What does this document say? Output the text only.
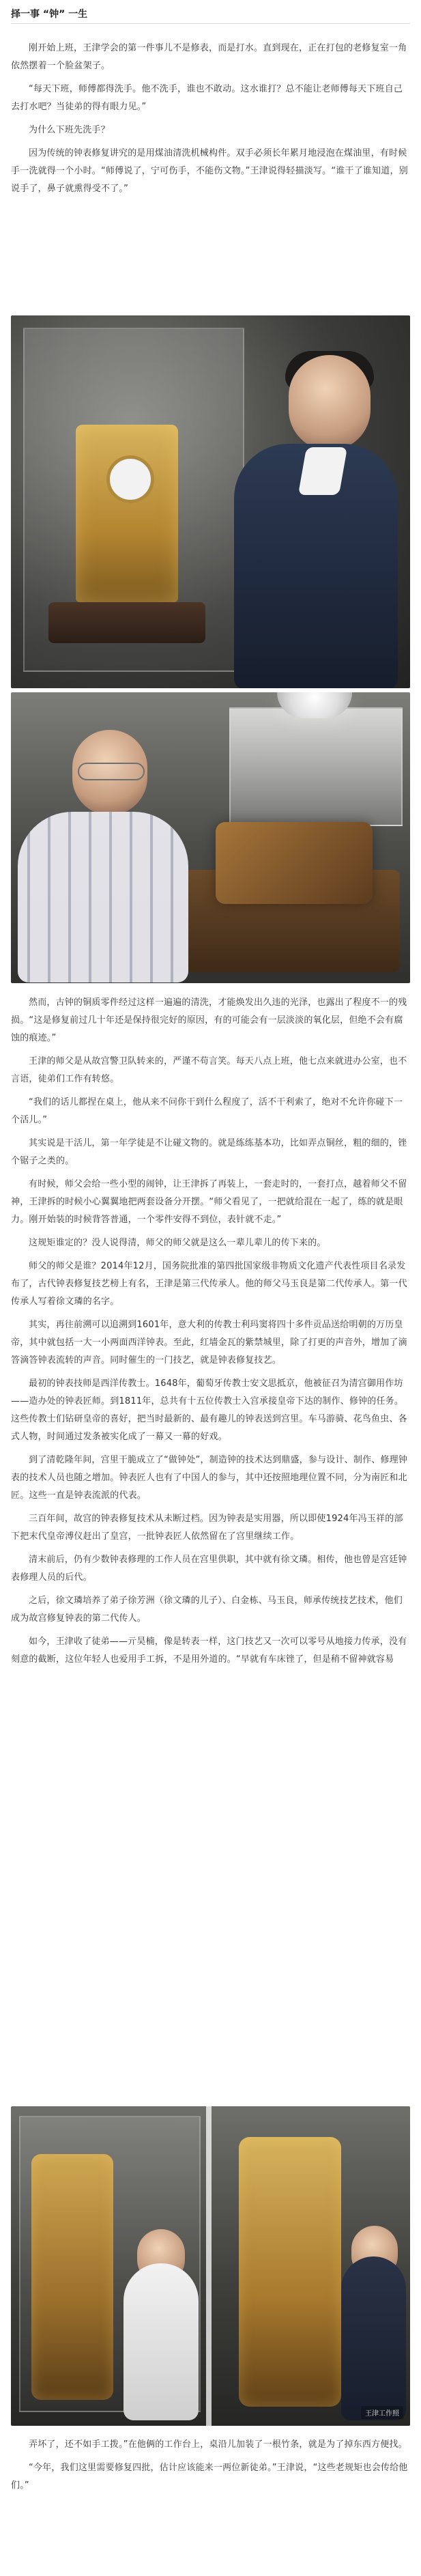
择一事 “钟” 一生

刚开始上班，王津学会的第一件事儿不是修表，而是打水。直到现在，正在打包的老修复室一角依然摆着一个脸盆架子。

“每天下班，师傅都得洗手。他不洗手，谁也不敢动。这水谁打？总不能让老师傅每天下班自己去打水吧？当徒弟的得有眼力见。”

为什么下班先洗手？

因为传统的钟表修复讲究的是用煤油清洗机械构件。双手必须长年累月地浸泡在煤油里，有时候手一洗就得一个小时。“师傅说了，宁可伤手，不能伤文物。”王津说得轻描淡写。“谁干了谁知道，别说手了，鼻子就熏得受不了。”

然而，古钟的铜质零件经过这样一遍遍的清洗，才能焕发出久违的光泽，也露出了程度不一的残损。“这是修复前过几十年还是保持很完好的原因，有的可能会有一层淡淡的氧化层，但绝不会有腐蚀的痕迹。”

王津的师父是从故宫警卫队转来的，严谨不苟言笑。每天八点上班，他七点来就进办公室，也不言语，徒弟们工作有转悠。

“我们的话儿都捏在桌上，他从来不问你干到什么程度了，活不干利索了，绝对不允许你碰下一个活儿。”

其实说是干活儿，第一年学徒是不让碰文物的。就是练练基本功，比如弄点铜丝，粗的细的，锉个锯子之类的。

有时候，师父会给一些小型的闹钟，让王津拆了再装上，一套走时的，一套打点，越着师父不留神，王津拆的时候小心翼翼地把两套设备分开摆。“师父看见了，一把就给混在一起了，练的就是眼力。刚开始装的时候背答普通，一个零件安得不到位，表针就不走。”

这规矩谁定的？没人说得清，师父的师父就是这么一辈儿辈儿的传下来的。

师父的师父是谁？2014年12月，国务院批准的第四批国家级非物质文化遗产代表性项目名录发布了，古代钟表修复技艺榜上有名，王津是第三代传承人。他的师父马玉良是第二代传承人。第一代传承人写着徐文璘的名字。

其实，再往前溯可以追溯到1601年，意大利的传教士利玛窦将四十多件贡品送给明朝的万历皇帝，其中就包括一大一小两面西洋钟表。至此，红墙金瓦的紫禁城里，除了打更的声音外，增加了滴答滴答钟表流转的声音。同时催生的一门技艺，就是钟表修复技艺。

最初的钟表技师是西洋传教士。1648年，葡萄牙传教士安文思抵京，他被征召为清宫御用作坊——造办处的钟表匠师。到1811年，总共有十五位传教士入宫承接皇帝下达的制作、修钟的任务。这些传教士们钻研皇帝的喜好，把当时最新的、最有趣儿的钟表送到宫里。车马游骑、花鸟鱼虫、各式人物，时间通过发条被实化成了一幕又一幕的好戏。

到了清乾隆年间，宫里干脆成立了“做钟处”，制造钟的技术达到鼎盛，参与设计、制作、修理钟表的技术人员也随之增加。钟表匠人也有了中国人的参与，其中还按照地理位置不同，分为南匠和北匠。这些一直是钟表流派的代表。

三百年间，故宫的钟表修复技术从未断过档。因为钟表是实用器，所以即使1924年冯玉祥的部下把末代皇帝溥仪赶出了皇宫，一批钟表匠人依然留在了宫里继续工作。

清末前后，仍有少数钟表修理的工作人员在宫里供职，其中就有徐文璘。相传，他也曾是宫廷钟表修理人员的后代。

之后，徐文璘培养了弟子徐芳洲（徐文璘的儿子）、白金栋、马玉良，师承传统技艺技术，他们成为故宫修复钟表的第二代传人。

如今，王津收了徒弟——亓昊楠，像是转表一样，这门技艺又一次可以零号从地接力传承，没有刻意的截断，这位年轻人也爱用手工拆，不是用外道的。“早就有车床锉了，但是稍不留神就容易

王津工作照

弄坏了，还不如手工拨。”在他俩的工作台上，桌沿儿加装了一根竹条，就是为了掉东西方便找。

“今年，我们这里需要修复四批，估计应该能来一两位新徒弟。”王津说，“这些老规矩也会传给他们。”
